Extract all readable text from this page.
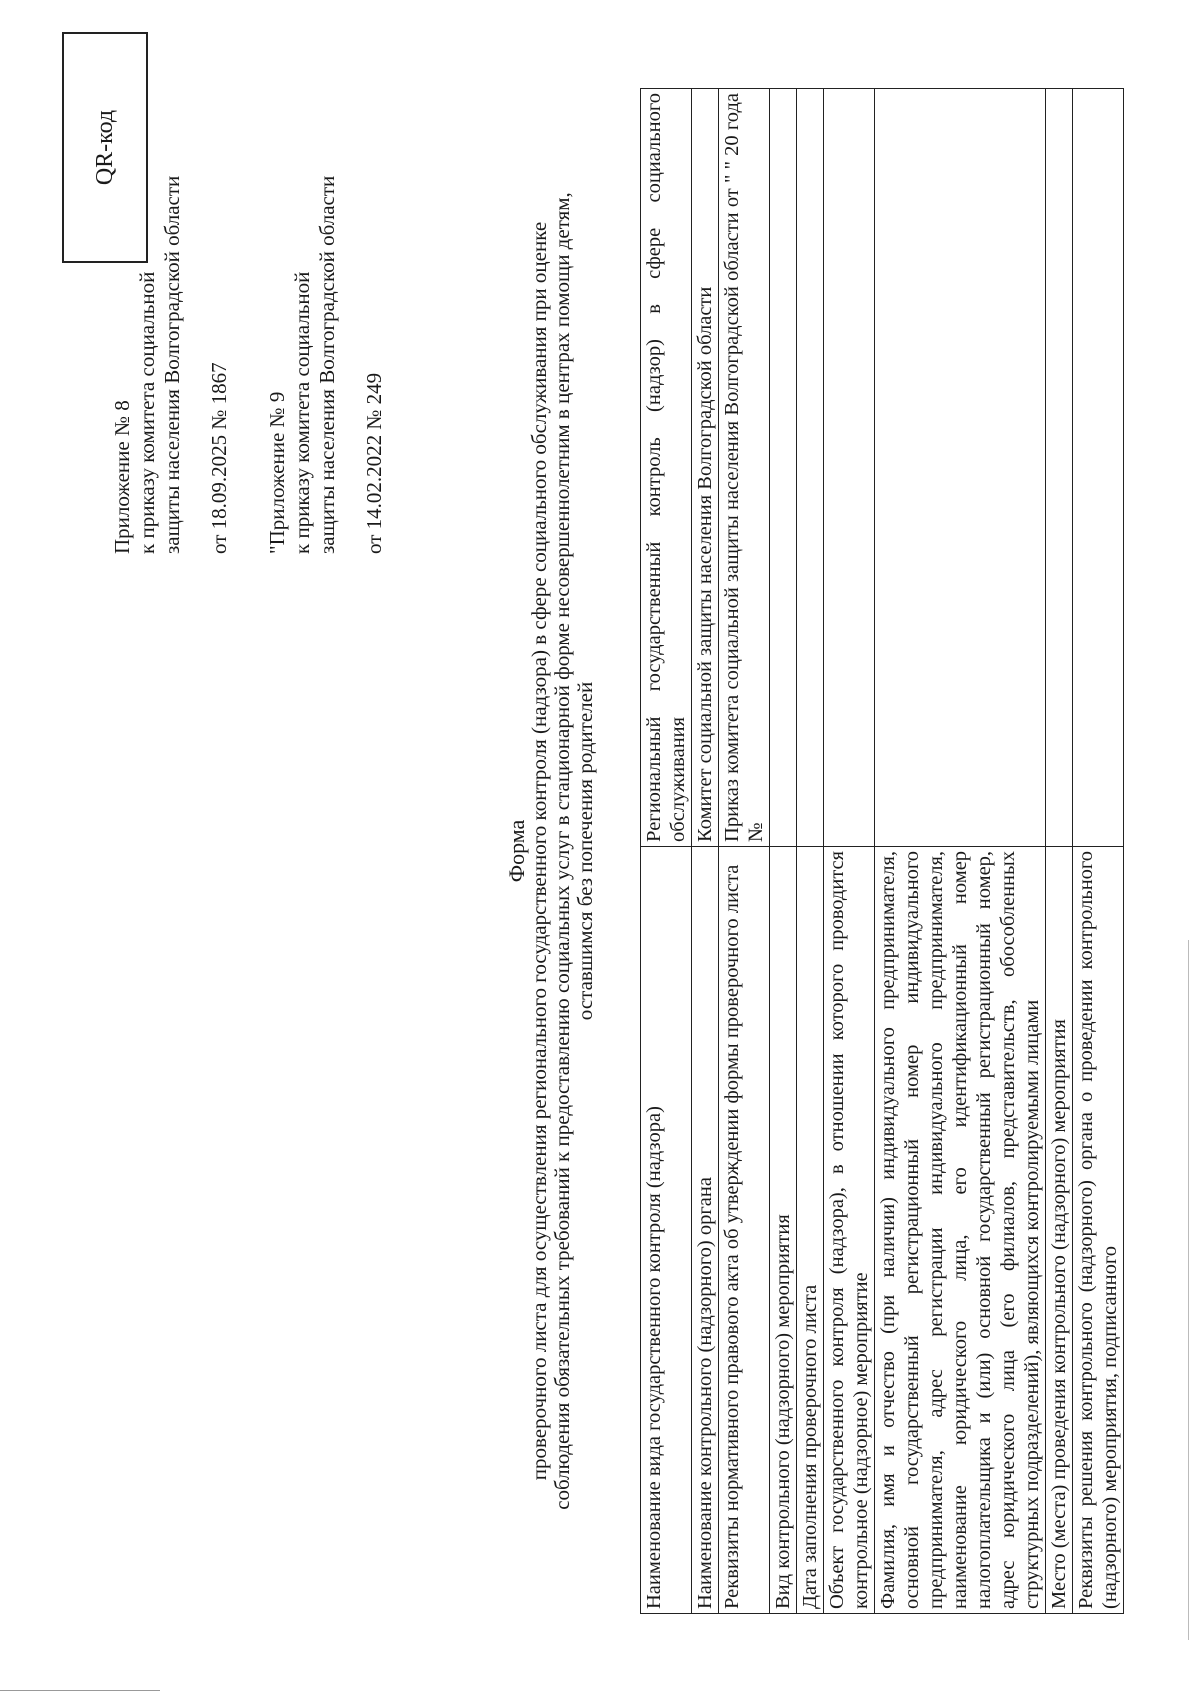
Приложение № 8 к приказу комитета социальной защиты населения Волгоградской области от 18.09.2025 № 1867 "Приложение № 9 к приказу комитета социальной защиты населения Волгоградской области от 14.02.2022 № 249
QR-код
Форма
проверочного листа для осуществления регионального государственного контроля (надзора) в сфере социального обслуживания при оценке соблюдения обязательных требований к предоставлению социальных услуг в стационарной форме несовершеннолетним в центрах помощи детям, оставшимся без попечения родителей
Наименование вида государственного контроля (надзора)	Региональный государственный контроль (надзор) в сфере социального обслуживания
Наименование контрольного (надзорного) органа	Комитет социальной защиты населения Волгоградской области
Реквизиты нормативного правового акта об утверждении формы проверочного листа	Приказ комитета социальной защиты населения Волгоградской области от " " 20 года №
Вид контрольного (надзорного) мероприятия	
Дата заполнения проверочного листа	
Объект государственного контроля (надзора), в отношении которого проводится контрольное (надзорное) мероприятие	
Фамилия, имя и отчество (при наличии) индивидуального предпринимателя, основной государственный регистрационный номер индивидуального предпринимателя, адрес регистрации индивидуального предпринимателя, наименование юридического лица, его идентификационный номер налогоплательщика и (или) основной государственный регистрационный номер, адрес юридического лица (его филиалов, представительств, обособленных структурных подразделений), являющихся контролируемыми лицами	
Место (места) проведения контрольного (надзорного) мероприятия	
Реквизиты решения контрольного (надзорного) органа о проведении контрольного (надзорного) мероприятия, подписанного	
